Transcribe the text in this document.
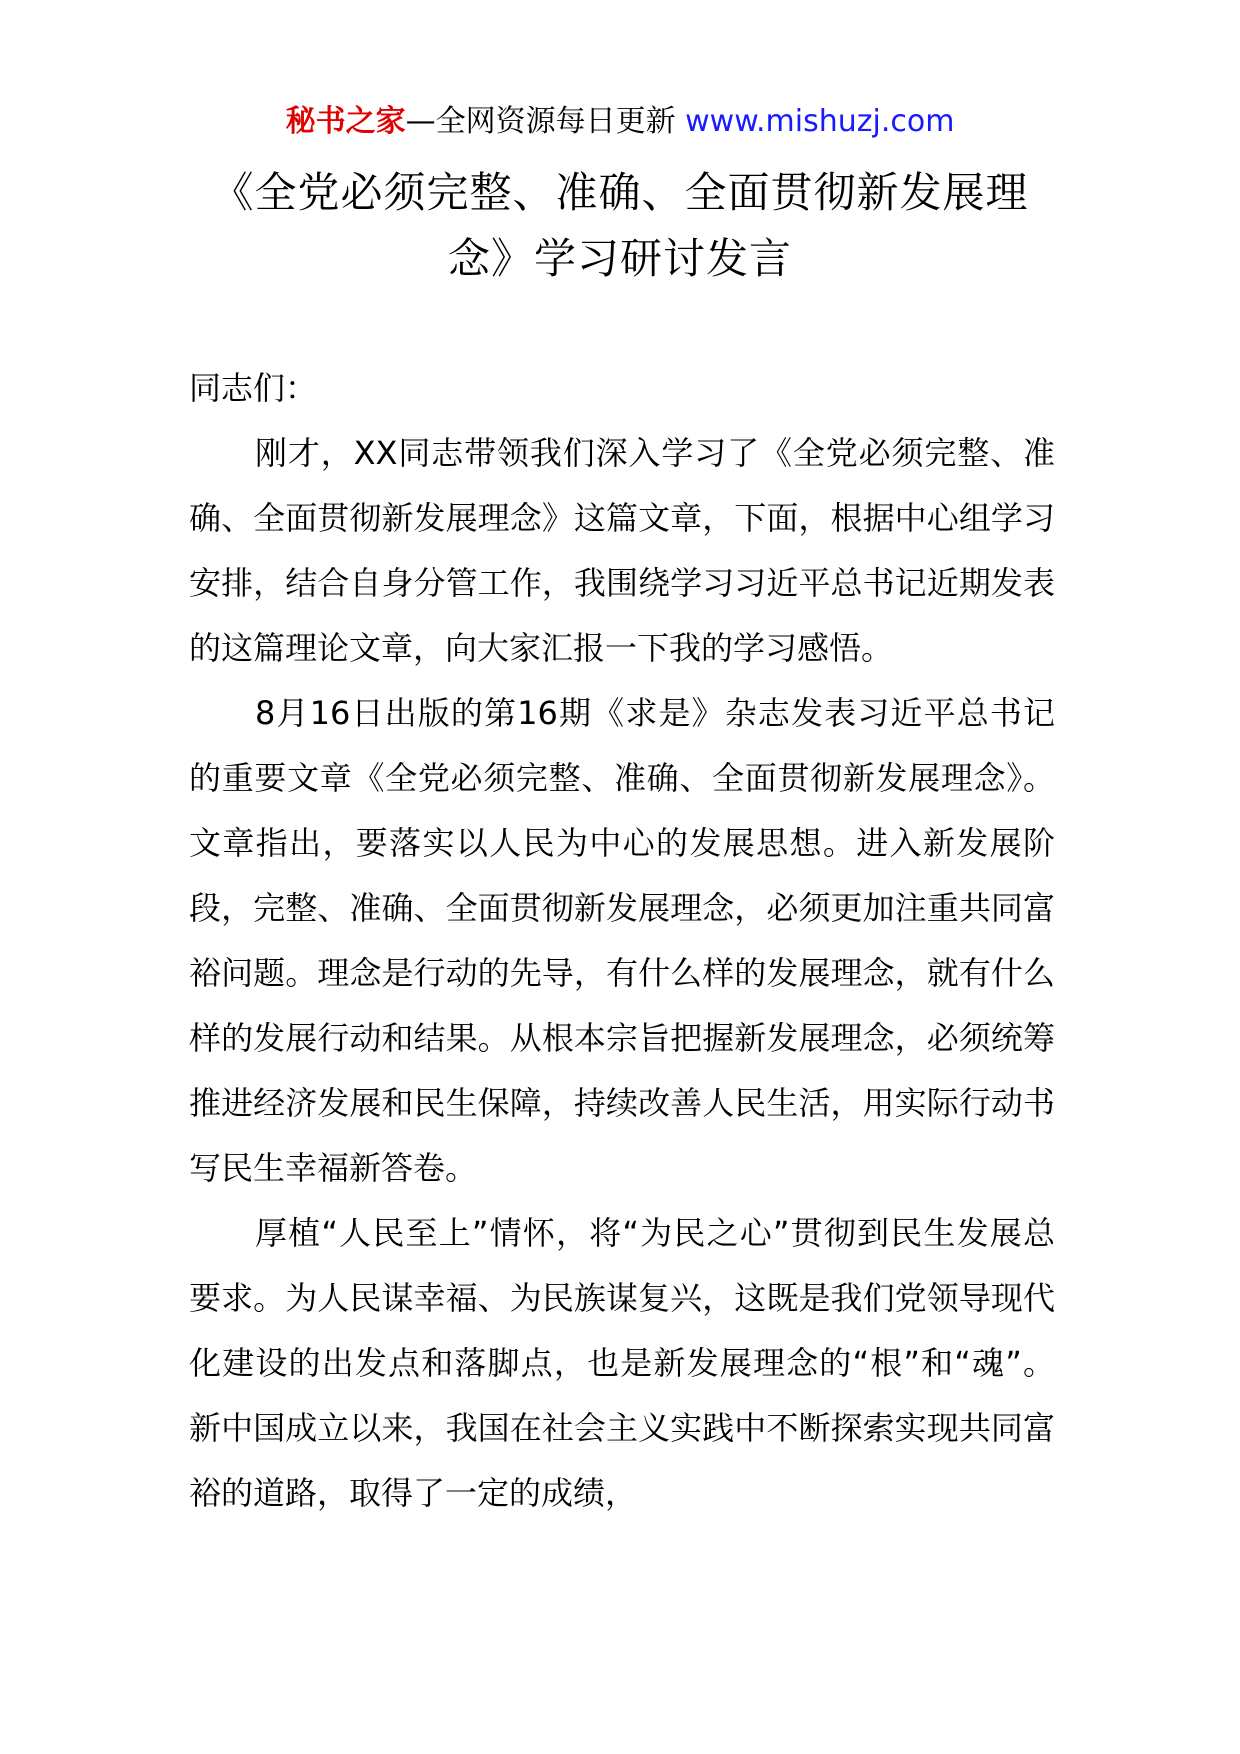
秘书之家—全网资源每日更新 www.mishuzj.com
《全党必须完整、准确、全面贯彻新发展理念》学习研讨发言

同志们：

刚才，XX同志带领我们深入学习了《全党必须完整、准确、全面贯彻新发展理念》这篇文章，下面，根据中心组学习安排，结合自身分管工作，我围绕学习习近平总书记近期发表的这篇理论文章，向大家汇报一下我的学习感悟。

8月16日出版的第16期《求是》杂志发表习近平总书记的重要文章《全党必须完整、准确、全面贯彻新发展理念》。文章指出，要落实以人民为中心的发展思想。进入新发展阶段，完整、准确、全面贯彻新发展理念，必须更加注重共同富裕问题。理念是行动的先导，有什么样的发展理念，就有什么样的发展行动和结果。从根本宗旨把握新发展理念，必须统筹推进经济发展和民生保障，持续改善人民生活，用实际行动书写民生幸福新答卷。

厚植“人民至上”情怀，将“为民之心”贯彻到民生发展总要求。为人民谋幸福、为民族谋复兴，这既是我们党领导现代化建设的出发点和落脚点，也是新发展理念的“根”和“魂”。新中国成立以来，我国在社会主义实践中不断探索实现共同富裕的道路，取得了一定的成绩，
